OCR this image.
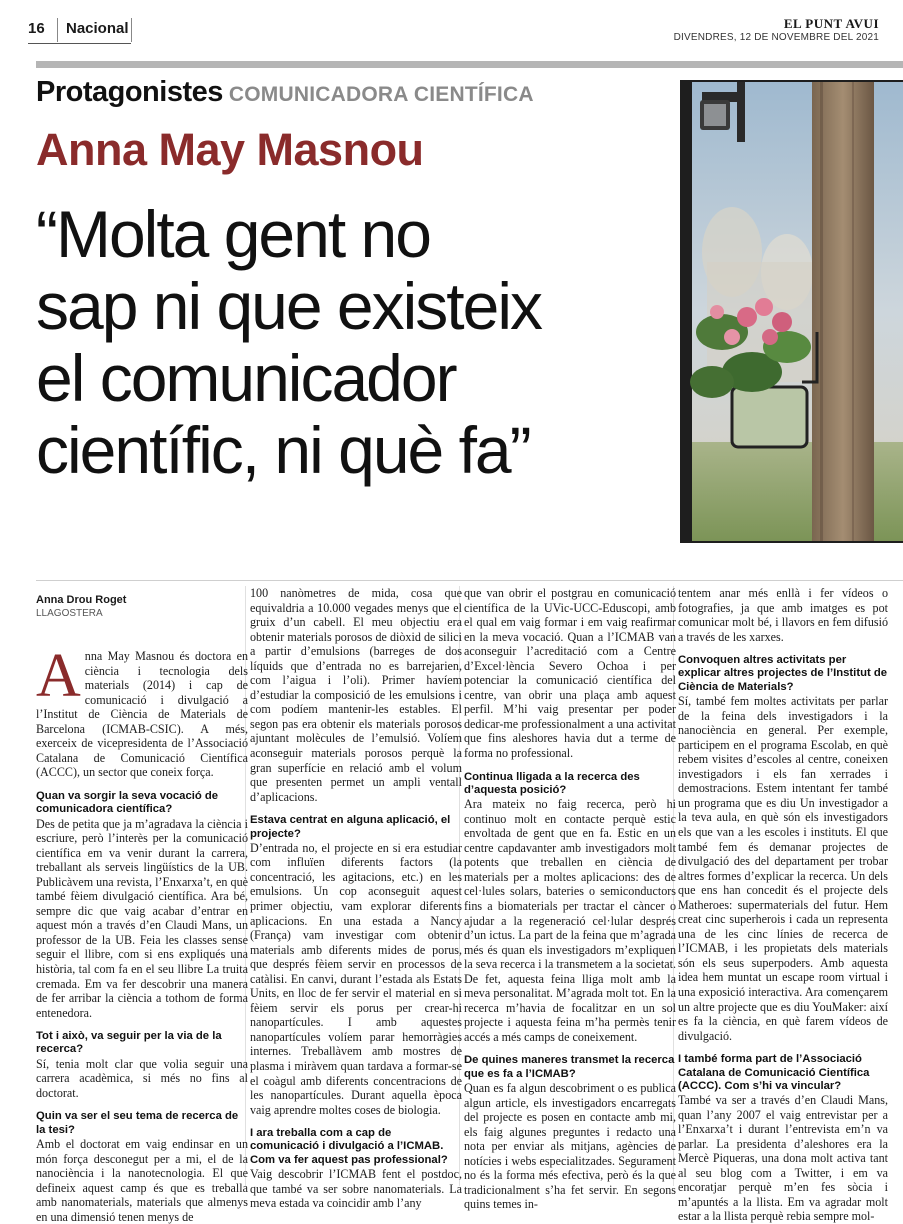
16 Nacional	EL PUNT AVUI
DIVENDRES, 12 DE NOVEMBRE DEL 2021
Protagonistes COMUNICADORA CIENTÍFICA
Anna May Masnou
“Molta gent no
sap ni que existeix
el comunicador
científic, ni què fa”
Anna Drou Roget
LLAGOSTERA
Anna May Masnou és doctora en ciència i tecnologia dels materials (2014) i cap de comunicació i divulgació a l’Institut de Ciència de Materials de Barcelona (ICMAB-CSIC). A més, exerceix de vicepresidenta de l’Associació Catalana de Comunicació Científica (ACCC), un sector que coneix força.
Quan va sorgir la seva vocació de comunicadora científica?
Des de petita que ja m’agradava la ciència i escriure, però l’interès per la comunicació científica em va venir durant la carrera, treballant als serveis lingüístics de la UB. Publicàvem una revista, l’Enxarxa’t, en què també fèiem divulgació científica. Ara bé, sempre dic que vaig acabar d’entrar en aquest món a través d’en Claudi Mans, un professor de la UB. Feia les classes sense seguir el llibre, com si ens expliqués una història, tal com fa en el seu llibre La truita cremada. Em va fer descobrir una manera de fer arribar la ciència a tothom de forma entenedora.
Tot i això, va seguir per la via de la recerca?
Sí, tenia molt clar que volia seguir una carrera acadèmica, si més no fins al doctorat.
Quin va ser el seu tema de recerca de la tesi?
Amb el doctorat em vaig endinsar en un món força desconegut per a mi, el de la nanociència i la nanotecnologia. El que defineix aquest camp és que es treballa amb nanomaterials, materials que almenys en una dimensió tenen menys de
100 nanòmetres de mida, cosa que equivaldria a 10.000 vegades menys que el gruix d’un cabell. El meu objectiu era obtenir materials porosos de diòxid de silici a partir d’emulsions (barreges de dos líquids que d’entrada no es barrejarien, com l’aigua i l’oli). Primer havíem d’estudiar la composició de les emulsions i com podíem mantenir-les estables. El segon pas era obtenir els materials porosos ajuntant molècules de l’emulsió. Volíem aconseguir materials porosos perquè la gran superfície en relació amb el volum que presenten permet un ampli ventall d’aplicacions.
Estava centrat en alguna aplicació, el projecte?
D’entrada no, el projecte en si era estudiar com influïen diferents factors (la concentració, les agitacions, etc.) en les emulsions. Un cop aconseguit aquest primer objectiu, vam explorar diferents aplicacions. En una estada a Nancy (França) vam investigar com obtenir materials amb diferents mides de porus, que després fèiem servir en processos de catàlisi. En canvi, durant l’estada als Estats Units, en lloc de fer servir el material en si fèiem servir els porus per crear-hi nanopartícules. I amb aquestes nanopartícules volíem parar hemorràgies internes. Treballàvem amb mostres de plasma i miràvem quan tardava a formar-se el coàgul amb diferents concentracions de les nanopartícules. Durant aquella època vaig aprendre moltes coses de biologia.
I ara treballa com a cap de comunicació i divulgació a l’ICMAB. Com va fer aquest pas professional?
Vaig descobrir l’ICMAB fent el postdoc, que també va ser sobre nanomaterials. La meva estada va coincidir amb l’any
que van obrir el postgrau en comunicació científica de la UVic-UCC-Eduscopi, amb el qual em vaig formar i em vaig reafirmar en la meva vocació. Quan a l’ICMAB van aconseguir l’acreditació com a Centre d’Excel·lència Severo Ochoa i per potenciar la comunicació científica del centre, van obrir una plaça amb aquest perfil. M’hi vaig presentar per poder dedicar-me professionalment a una activitat que fins aleshores havia dut a terme de forma no professional.
Continua lligada a la recerca des d’aquesta posició?
Ara mateix no faig recerca, però hi continuo molt en contacte perquè estic envoltada de gent que en fa. Estic en un centre capdavanter amb investigadors molt potents que treballen en ciència de materials per a moltes aplicacions: des de cel·lules solars, bateries o semiconductors fins a biomaterials per tractar el càncer o ajudar a la regeneració cel·lular després d’un ictus. La part de la feina que m’agrada més és quan els investigadors m’expliquen la seva recerca i la transmetem a la societat. De fet, aquesta feina lliga molt amb la meva personalitat. M’agrada molt tot. En la recerca m’havia de focalitzar en un sol projecte i aquesta feina m’ha permès tenir accés a més camps de coneixement.
De quines maneres transmet la recerca que es fa a l’ICMAB?
Quan es fa algun descobriment o es publica algun article, els investigadors encarregats del projecte es posen en contacte amb mi, els faig algunes preguntes i redacto una nota per enviar als mitjans, agències de notícies i webs especialitzades. Segurament no és la forma més efectiva, però és la que tradicionalment s’ha fet servir. En segons quins temes in-
tentem anar més enllà i fer vídeos o fotografies, ja que amb imatges es pot comunicar molt bé, i llavors en fem difusió a través de les xarxes.
Convoquen altres activitats per explicar altres projectes de l’Institut de Ciència de Materials?
Sí, també fem moltes activitats per parlar de la feina dels investigadors i la nanociència en general. Per exemple, participem en el programa Escolab, en què rebem visites d’escoles al centre, coneixen investigadors i els fan xerrades i demostracions. Estem intentant fer també un programa que es diu Un investigador a la teva aula, en què són els investigadors els que van a les escoles i instituts. El que també fem és demanar projectes de divulgació des del departament per trobar altres formes d’explicar la recerca. Un dels que ens han concedit és el projecte dels Matheroes: supermaterials del futur. Hem creat cinc superherois i cada un representa una de les cinc línies de recerca de l’ICMAB, i les propietats dels materials són els seus superpoders. Amb aquesta idea hem muntat un escape room virtual i una exposició interactiva. Ara començarem un altre projecte que es diu YouMaker: així es fa la ciència, en què farem vídeos de divulgació.
I també forma part de l’Associació Catalana de Comunicació Científica (ACCC). Com s’hi va vincular?
També va ser a través d’en Claudi Mans, quan l’any 2007 el vaig entrevistar per a l’Enxarxa’t i durant l’entrevista em’n va parlar. La presidenta d’aleshores era la Mercè Piqueras, una dona molt activa tant al seu blog com a Twitter, i em va encoratjar perquè m’en fes sòcia i m’apuntés a la llista. Em va agradar molt estar a la llista perquè rebia sempre mol-
